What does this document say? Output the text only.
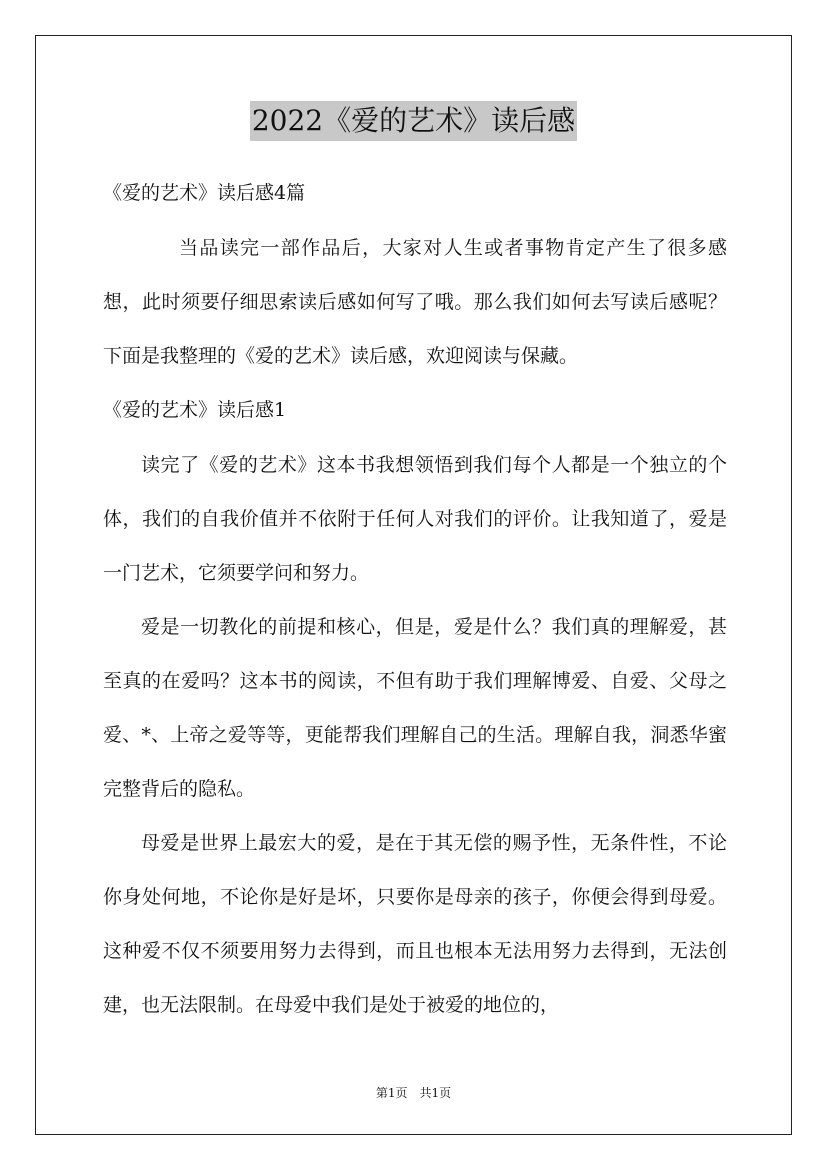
2022《爱的艺术》读后感
《爱的艺术》读后感4篇

当品读完一部作品后，大家对人生或者事物肯定产生了很多感想，此时须要仔细思索读后感如何写了哦。那么我们如何去写读后感呢？下面是我整理的《爱的艺术》读后感，欢迎阅读与保藏。

《爱的艺术》读后感1

读完了《爱的艺术》这本书我想领悟到我们每个人都是一个独立的个体，我们的自我价值并不依附于任何人对我们的评价。让我知道了，爱是一门艺术，它须要学问和努力。

爱是一切教化的前提和核心，但是，爱是什么？我们真的理解爱，甚至真的在爱吗？这本书的阅读，不但有助于我们理解博爱、自爱、父母之爱、*、上帝之爱等等，更能帮我们理解自己的生活。理解自我，洞悉华蜜完整背后的隐私。

母爱是世界上最宏大的爱，是在于其无偿的赐予性，无条件性，不论你身处何地，不论你是好是坏，只要你是母亲的孩子，你便会得到母爱。这种爱不仅不须要用努力去得到，而且也根本无法用努力去得到，无法创建，也无法限制。在母爱中我们是处于被爱的地位的，

第1页　共1页
